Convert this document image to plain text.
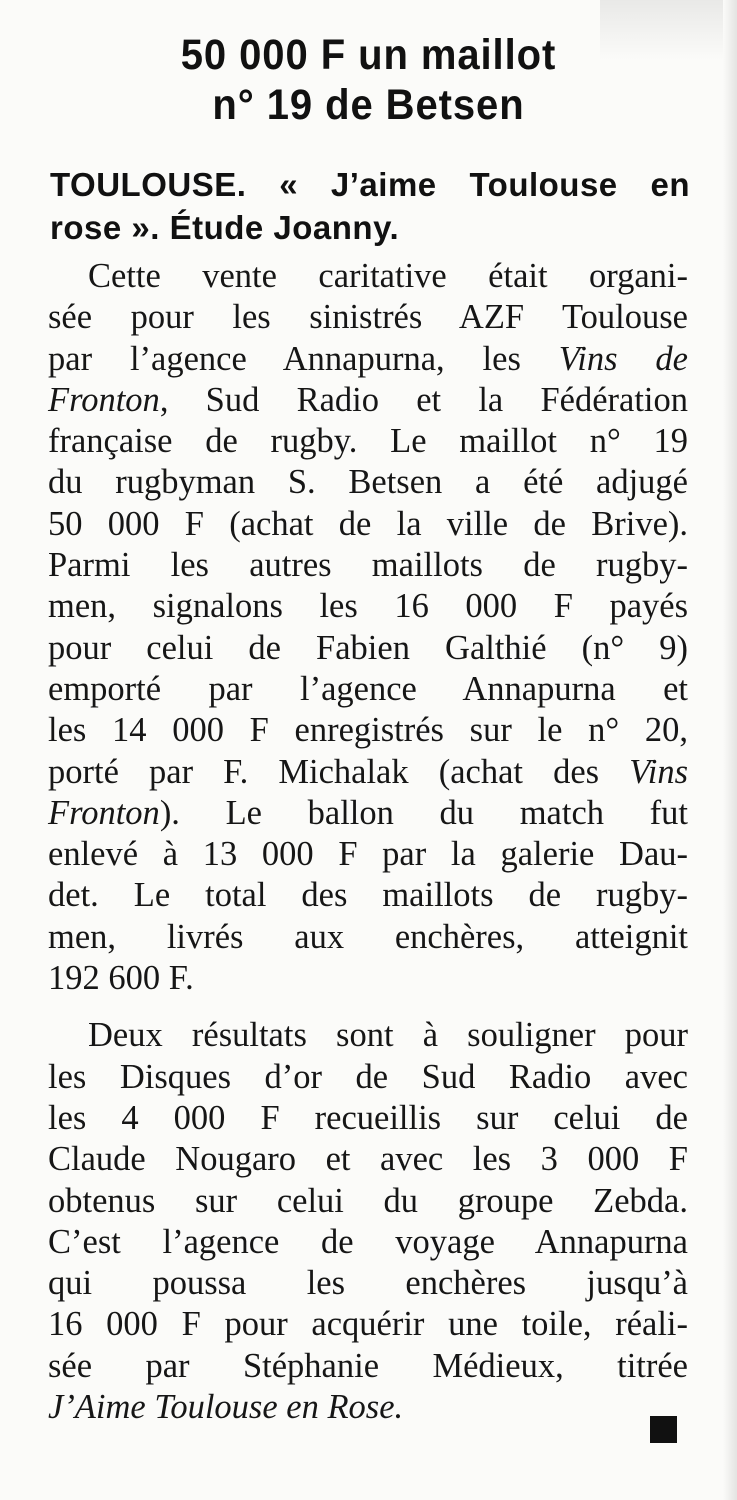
50 000 F un maillot
n° 19 de Betsen
TOULOUSE. « J’aime Toulouse en
rose ». Étude Joanny.
Cette vente caritative était organi-
sée pour les sinistrés AZF Toulouse
par l’agence Annapurna, les Vins de
Fronton, Sud Radio et la Fédération
française de rugby. Le maillot n° 19
du rugbyman S. Betsen a été adjugé
50 000 F (achat de la ville de Brive).
Parmi les autres maillots de rugby-
men, signalons les 16 000 F payés
pour celui de Fabien Galthié (n° 9)
emporté par l’agence Annapurna et
les 14 000 F enregistrés sur le n° 20,
porté par F. Michalak (achat des Vins
Fronton). Le ballon du match fut
enlevé à 13 000 F par la galerie Dau-
det. Le total des maillots de rugby-
men, livrés aux enchères, atteignit
192 600 F.
Deux résultats sont à souligner pour
les Disques d’or de Sud Radio avec
les 4 000 F recueillis sur celui de
Claude Nougaro et avec les 3 000 F
obtenus sur celui du groupe Zebda.
C’est l’agence de voyage Annapurna
qui poussa les enchères jusqu’à
16 000 F pour acquérir une toile, réali-
sée par Stéphanie Médieux, titrée
J’Aime Toulouse en Rose.
